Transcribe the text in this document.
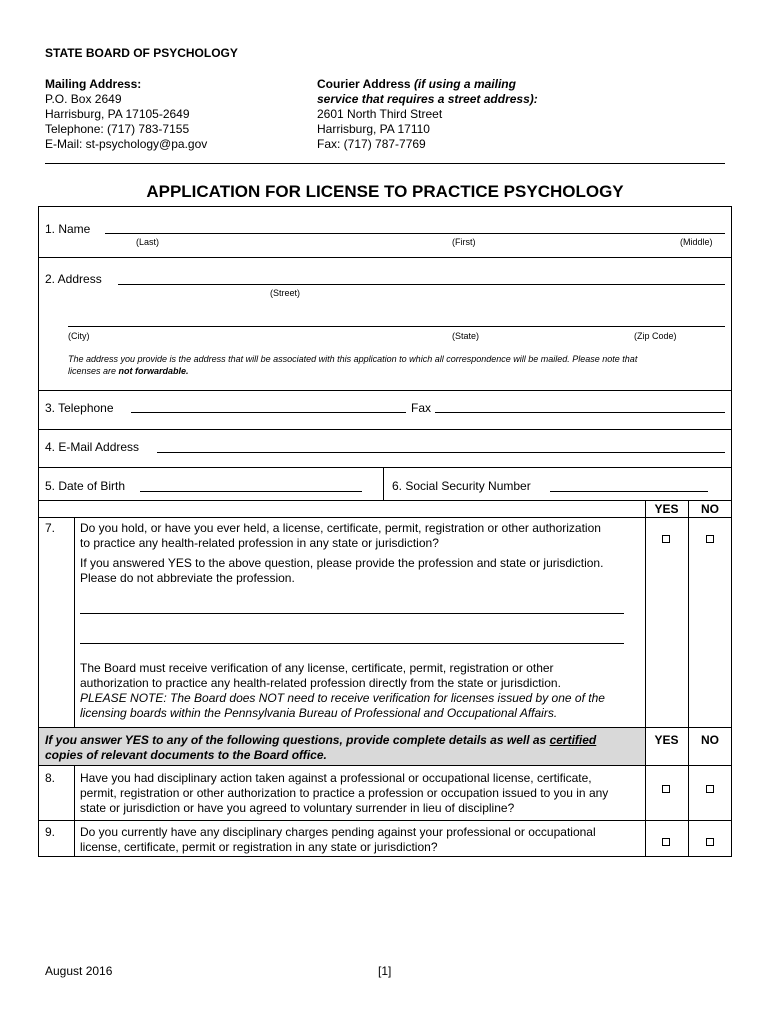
STATE BOARD OF PSYCHOLOGY
Mailing Address:
P.O. Box 2649
Harrisburg, PA 17105-2649
Telephone: (717) 783-7155
E-Mail: st-psychology@pa.gov
Courier Address (if using a mailing
service that requires a street address):
2601 North Third Street
Harrisburg, PA 17110
Fax: (717) 787-7769
APPLICATION FOR LICENSE TO PRACTICE PSYCHOLOGY
1. Name
(Last)	(First)	(Middle)
2. Address
(Street)
(City)	(State)	(Zip Code)
The address you provide is the address that will be associated with this application to which all correspondence will be mailed. Please note that
licenses are not forwardable.
3. Telephone	Fax
4. E-Mail Address
5. Date of Birth	6. Social Security Number
YES	NO
7. Do you hold, or have you ever held, a license, certificate, permit, registration or other authorization
to practice any health-related profession in any state or jurisdiction?
If you answered YES to the above question, please provide the profession and state or jurisdiction.
Please do not abbreviate the profession.
The Board must receive verification of any license, certificate, permit, registration or other
authorization to practice any health-related profession directly from the state or jurisdiction.
PLEASE NOTE: The Board does NOT need to receive verification for licenses issued by one of the
licensing boards within the Pennsylvania Bureau of Professional and Occupational Affairs.
If you answer YES to any of the following questions, provide complete details as well as certified
copies of relevant documents to the Board office.
YES	NO
8. Have you had disciplinary action taken against a professional or occupational license, certificate,
permit, registration or other authorization to practice a profession or occupation issued to you in any
state or jurisdiction or have you agreed to voluntary surrender in lieu of discipline?
9. Do you currently have any disciplinary charges pending against your professional or occupational
license, certificate, permit or registration in any state or jurisdiction?
August 2016	[1]
